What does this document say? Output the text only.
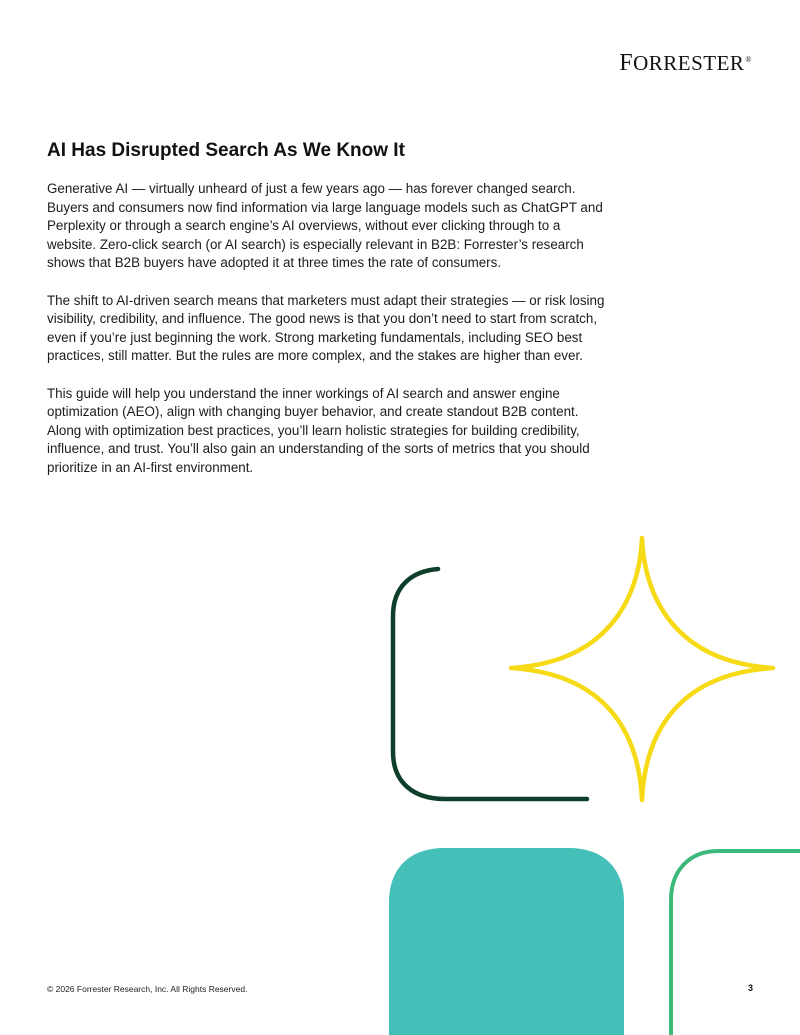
FORRESTER®
AI Has Disrupted Search As We Know It

Generative AI — virtually unheard of just a few years ago — has forever changed search. Buyers and consumers now find information via large language models such as ChatGPT and Perplexity or through a search engine’s AI overviews, without ever clicking through to a website. Zero-click search (or AI search) is especially relevant in B2B: Forrester’s research shows that B2B buyers have adopted it at three times the rate of consumers.

The shift to AI-driven search means that marketers must adapt their strategies — or risk losing visibility, credibility, and influence. The good news is that you don’t need to start from scratch, even if you’re just beginning the work. Strong marketing fundamentals, including SEO best practices, still matter. But the rules are more complex, and the stakes are higher than ever.

This guide will help you understand the inner workings of AI search and answer engine optimization (AEO), align with changing buyer behavior, and create standout B2B content. Along with optimization best practices, you’ll learn holistic strategies for building credibility, influence, and trust. You’ll also gain an understanding of the sorts of metrics that you should prioritize in an AI-first environment.

© 2026 Forrester Research, Inc. All Rights Reserved.	3
